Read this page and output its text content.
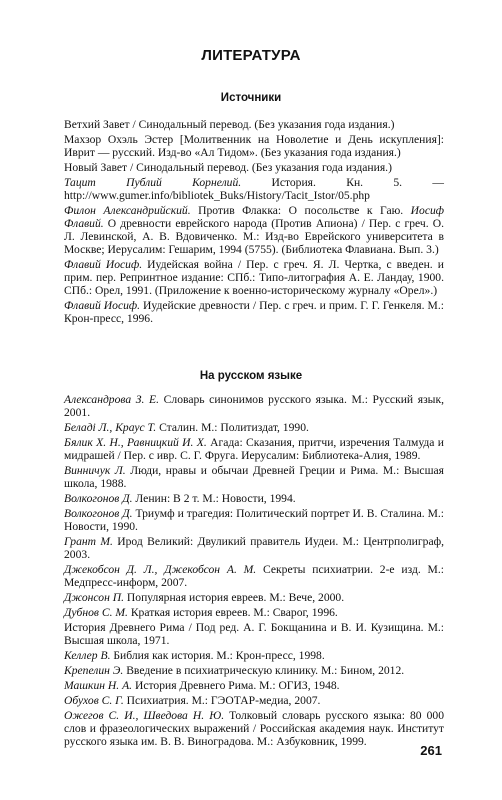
ЛИТЕРАТУРА
Источники

Ветхий Завет / Синодальный перевод. (Без указания года издания.)

Махзор Охэль Эстер [Молитвенник на Новолетие и День искупления]: Иврит — русский. Изд-во «Ал Тидом». (Без указания года издания.)

Новый Завет / Синодальный перевод. (Без указания года издания.)

Тацит Публий Корнелий. История. Кн. 5. — http://www.gumer.info/bibliotek_Buks/History/Tacit_Istor/05.php

Филон Александрийский. Против Флакка: О посольстве к Гаю. Иосиф Флавий. О древности еврейского народа (Против Апиона) / Пер. с греч. О. Л. Левинской, А. В. Вдовиченко. М.: Изд-во Еврейского университета в Москве; Иерусалим: Гешарим, 1994 (5755). (Библиотека Флавиана. Вып. 3.)

Флавий Иосиф. Иудейская война / Пер. с греч. Я. Л. Чертка, с введен. и прим. пер. Репринтное издание: СПб.: Типо-литография А. Е. Ландау, 1900. СПб.: Орел, 1991. (Приложение к военно-историческому журналу «Орел».)

Флавий Иосиф. Иудейские древности / Пер. с греч. и прим. Г. Г. Генкеля. М.: Крон-пресс, 1996.

На русском языке

Александрова З. Е. Словарь синонимов русского языка. М.: Русский язык, 2001.

Беладі Л., Краус Т. Сталин. М.: Политиздат, 1990.

Бялик Х. Н., Равницкий И. Х. Агада: Сказания, притчи, изречения Талмуда и мидрашей / Пер. с ивр. С. Г. Фруга. Иерусалим: Библиотека-Алия, 1989.

Винничук Л. Люди, нравы и обычаи Древней Греции и Рима. М.: Высшая школа, 1988.

Волкогонов Д. Ленин: В 2 т. М.: Новости, 1994.

Волкогонов Д. Триумф и трагедия: Политический портрет И. В. Сталина. М.: Новости, 1990.

Грант М. Ирод Великий: Двуликий правитель Иудеи. М.: Центрполиграф, 2003.

Джекобсон Д. Л., Джекобсон А. М. Секреты психиатрии. 2-е изд. М.: Медпресс-информ, 2007.

Джонсон П. Популярная история евреев. М.: Вече, 2000.

Дубнов С. М. Краткая история евреев. М.: Сварог, 1996.

История Древнего Рима / Под ред. А. Г. Бокщанина и В. И. Кузищина. М.: Высшая школа, 1971.

Келлер В. Библия как история. М.: Крон-пресс, 1998.

Крепелин Э. Введение в психиатрическую клинику. М.: Бином, 2012.

Машкин Н. А. История Древнего Рима. М.: ОГИЗ, 1948.

Обухов С. Г. Психиатрия. М.: ГЭОТАР-медиа, 2007.

Ожегов С. И., Шведова Н. Ю. Толковый словарь русского языка: 80 000 слов и фразеологических выражений / Российская академия наук. Институт русского языка им. В. В. Виноградова. М.: Азбуковник, 1999.

261
